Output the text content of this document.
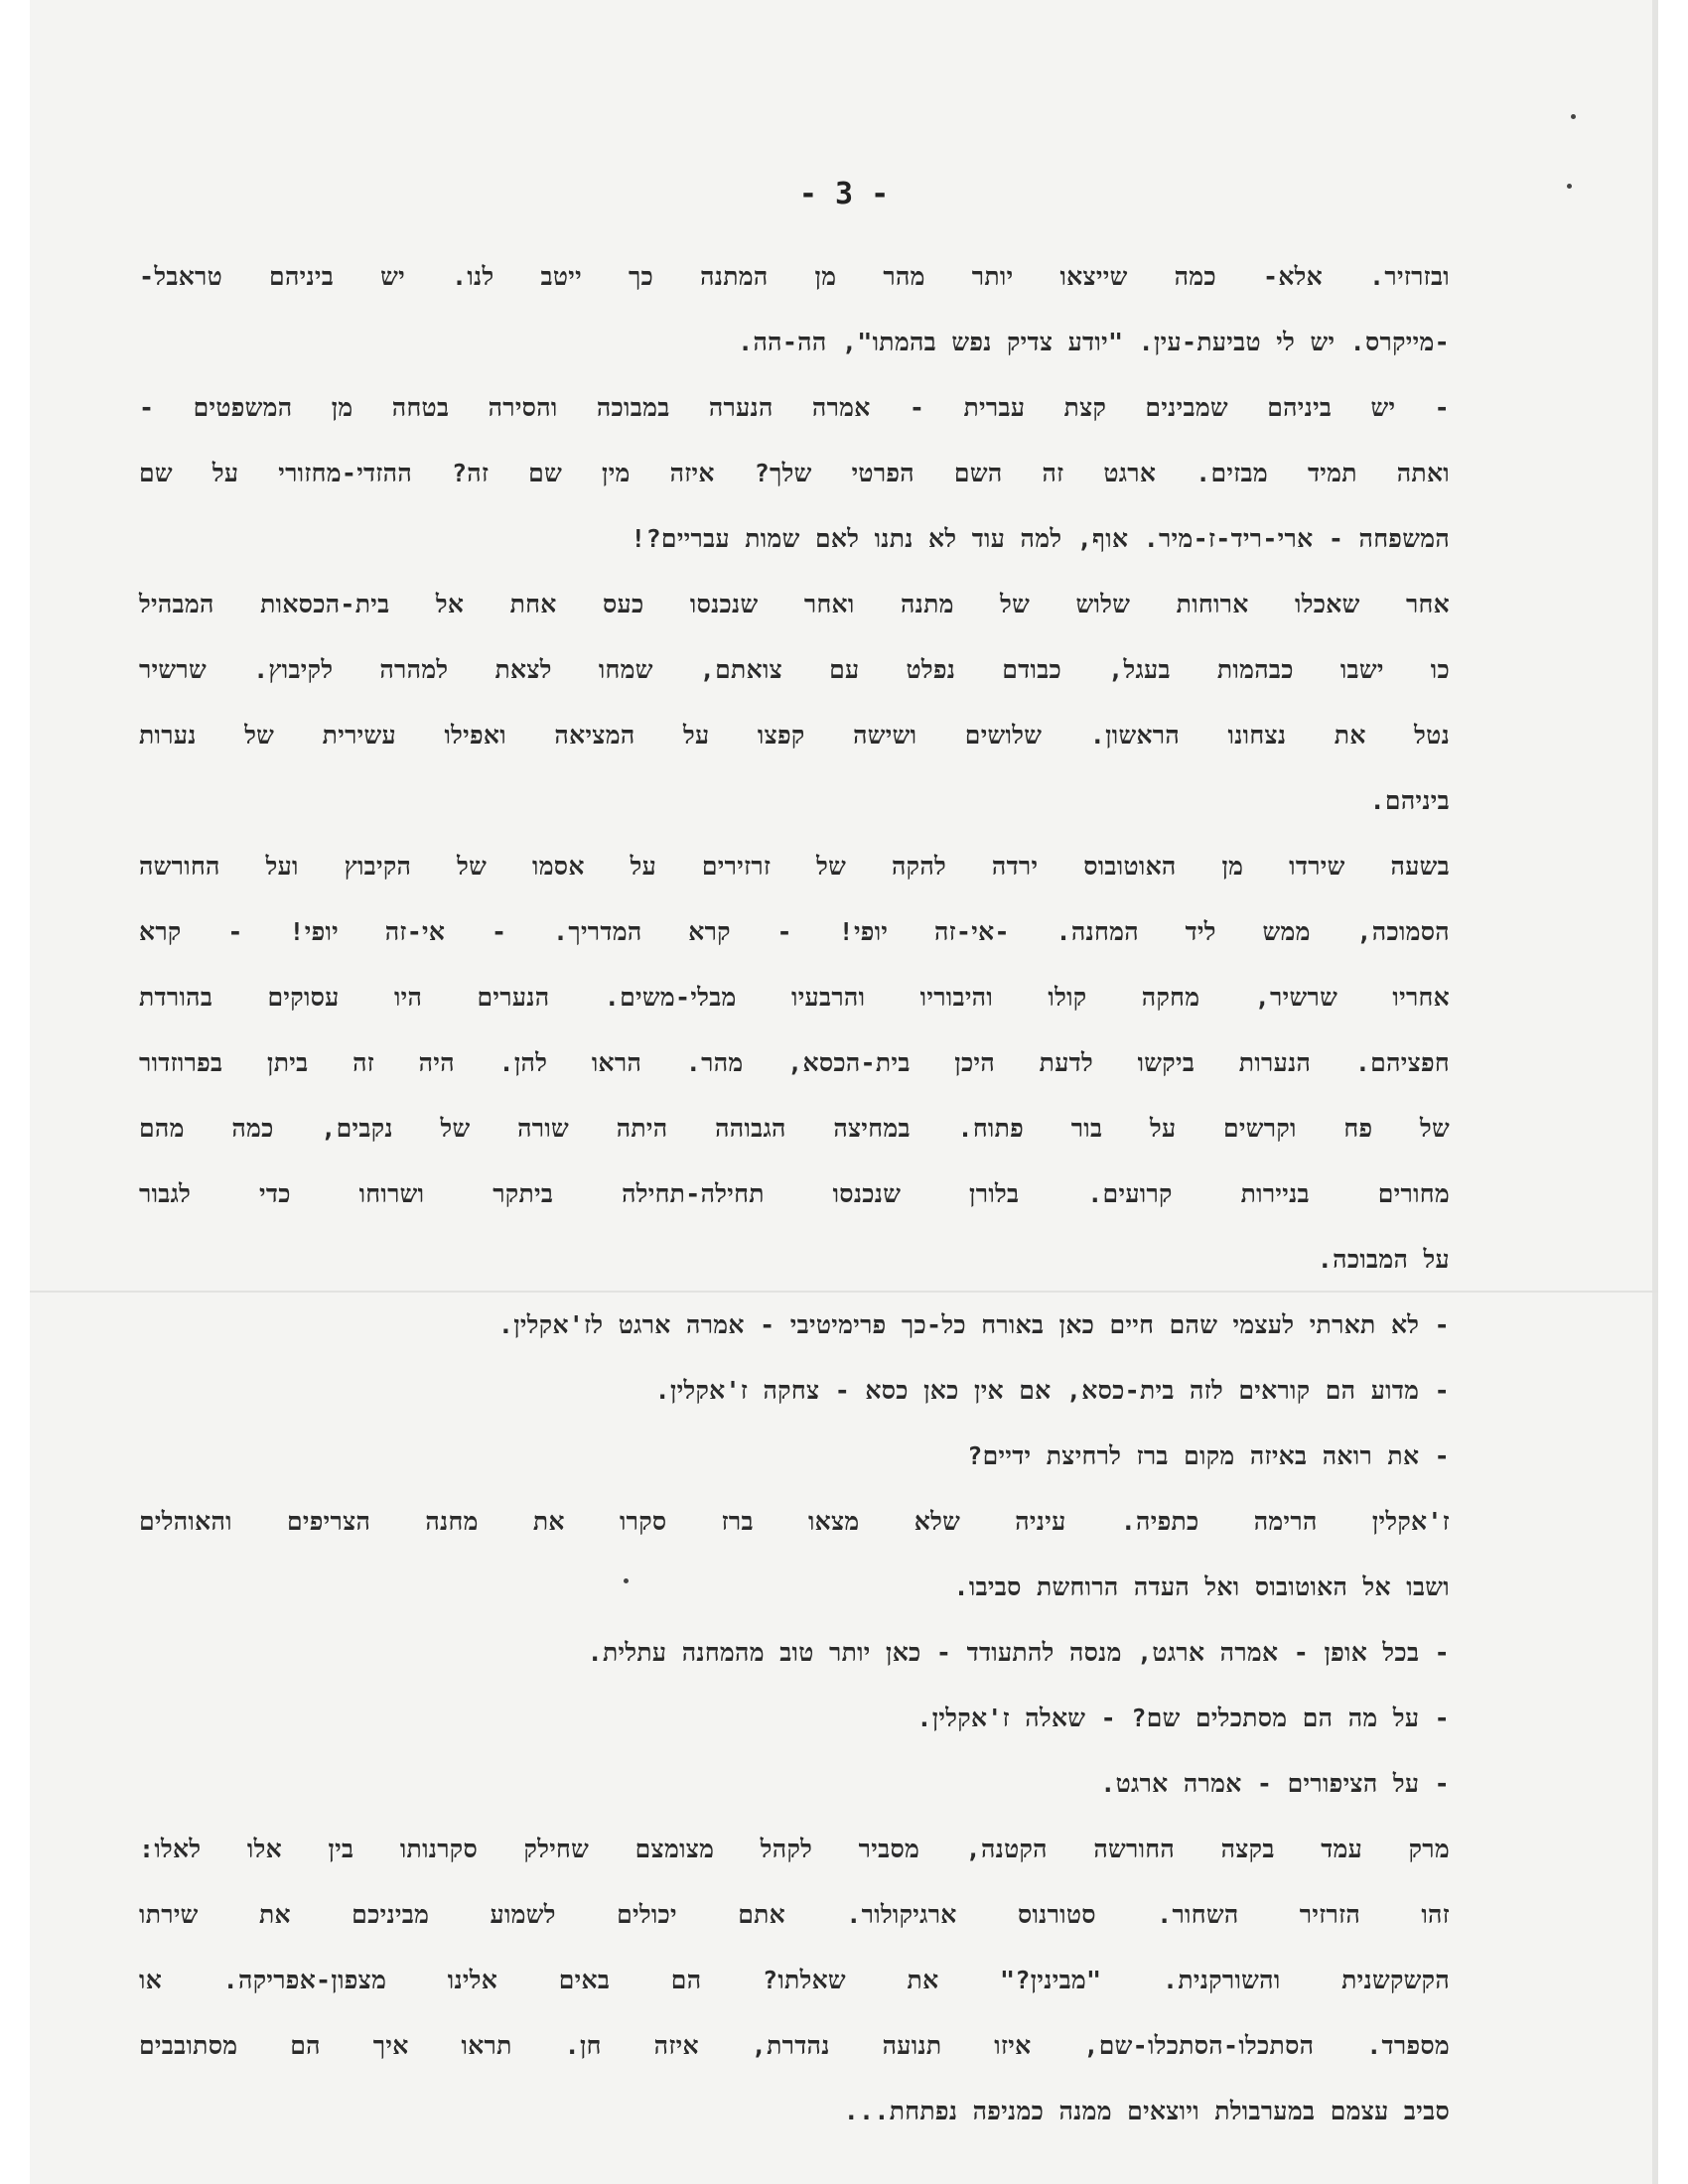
- 3 -
ובזרזיר. אלא- כמה שייצאו יותר מהר מן המתנה כך ייטב לנו. יש ביניהם טראבל-
-מייקרס. יש לי טביעת-עין. "יודע צדיק נפש בהמתו", הה-הה.
- יש ביניהם שמבינים קצת עברית - אמרה הנערה במבוכה והסירה בטחה מן המשפטים -
ואתה תמיד מבזים. ארגט זה השם הפרטי שלך? איזה מין שם זה? ההזדי-מחזורי על שם
המשפחה - ארי-ריד-ז-מיר. אוף, למה עוד לא נתנו לאם שמות עבריים?!
אחר שאכלו ארוחות שלוש של מתנה ואחר שנכנסו כעס אחת אל בית-הכסאות המבהיל
כו ישבו כבהמות בעגל, כבודם נפלט עם צואתם, שמחו לצאת למהרה לקיבוץ. שרשיר
נטל את נצחונו הראשון. שלושים ושישה קפצו על המציאה ואפילו עשירית של נערות
ביניהם.
בשעה שירדו מן האוטובוס ירדה להקה של זרזירים על אסמו של הקיבוץ ועל החורשה
הסמוכה, ממש ליד המחנה. -אי-זה יופי! - קרא המדריך. - אי-זה יופי! - קרא
אחריו שרשיר, מחקה קולו והיבוריו והרבעיו מבלי-משים. הנערים היו עסוקים בהורדת
חפציהם. הנערות ביקשו לדעת היכן בית-הכסא, מהר. הראו להן. היה זה ביתן בפרוזדור
של פח וקרשים על בור פתוח. במחיצה הגבוהה היתה שורה של נקבים, כמה מהם
מחורים בניירות קרועים. בלורן שנכנסו תחילה-תחילה ביתקר ושרוחו כדי לגבור
על המבוכה.
- לא תארתי לעצמי שהם חיים כאן באורח כל-כך פרימיטיבי - אמרה ארגט לז'אקלין.
- מדוע הם קוראים לזה בית-כסא, אם אין כאן כסא - צחקה ז'אקלין.
- את רואה באיזה מקום ברז לרחיצת ידיים?
ז'אקלין הרימה כתפיה. עיניה שלא מצאו ברז סקרו את מחנה הצריפים והאוהלים
ושבו אל האוטובוס ואל העדה הרוחשת סביבו.
- בכל אופן - אמרה ארגט, מנסה להתעודד - כאן יותר טוב מהמחנה עתלית.
- על מה הם מסתכלים שם? - שאלה ז'אקלין.
- על הציפורים - אמרה ארגט.
מרק עמד בקצה החורשה הקטנה, מסביר לקהל מצומצם שחילק סקרנותו בין אלו לאלו:
זהו הזרזיר השחור. סטורנוס ארגיקולור. אתם יכולים לשמוע מביניכם את שירתו
הקשקשנית והשורקנית. "מבינין?" את שאלתו? הם באים אלינו מצפון-אפריקה. או
מספרד. הסתכלו-הסתכלו-שם, איזו תנועה נהדרת, איזה חן. תראו איך הם מסתובבים
סביב עצמם במערבולת ויוצאים ממנה כמניפה נפתחת...
